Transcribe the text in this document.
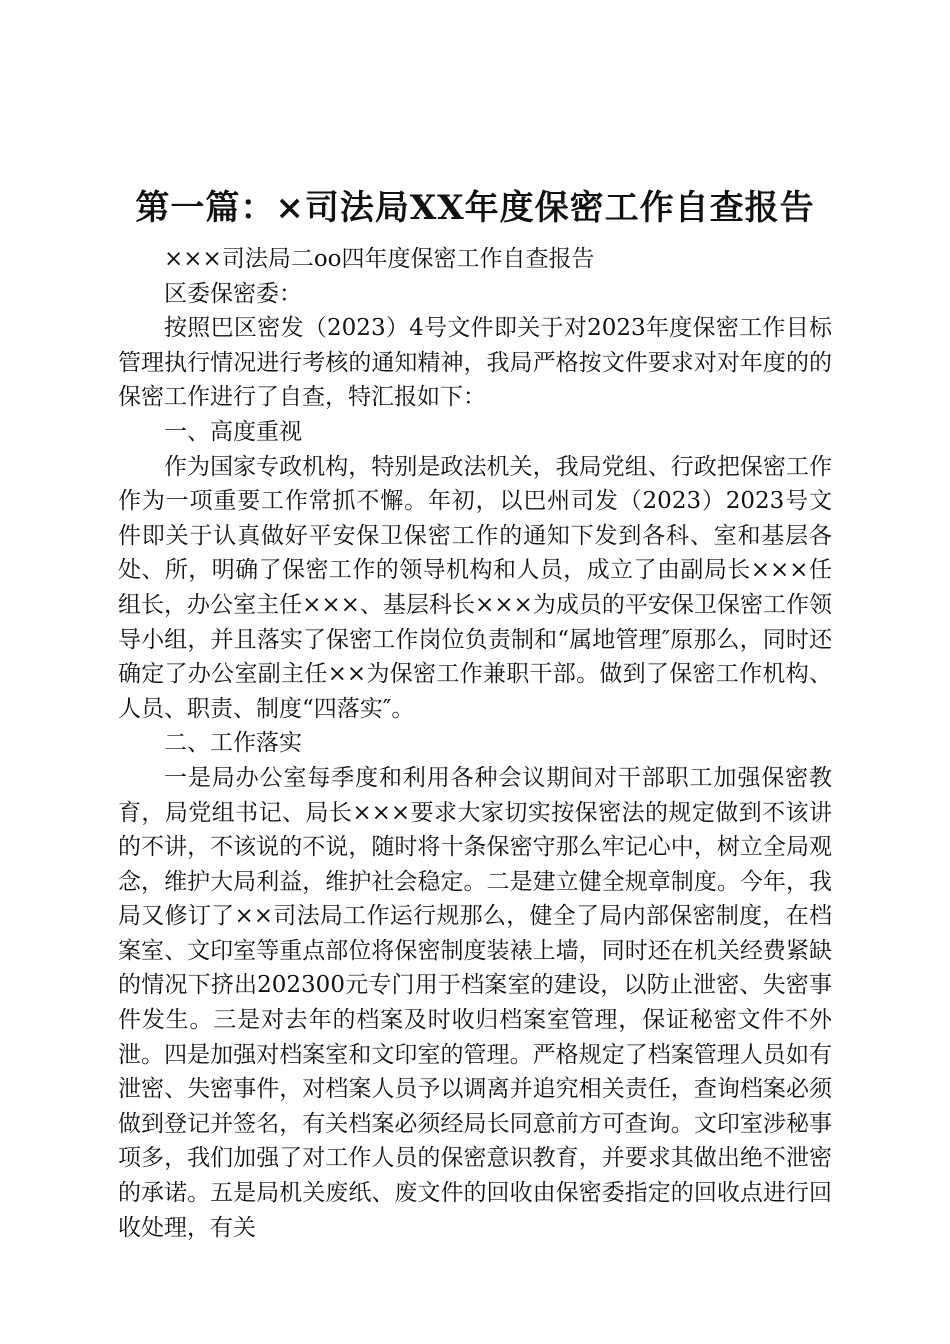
第一篇：×司法局XX年度保密工作自查报告

×××司法局二oo四年度保密工作自查报告

区委保密委：

按照巴区密发（2023）4号文件即关于对2023年度保密工作目标管理执行情况进行考核的通知精神，我局严格按文件要求对对年度的的保密工作进行了自查，特汇报如下：

一、高度重视

作为国家专政机构，特别是政法机关，我局党组、行政把保密工作作为一项重要工作常抓不懈。年初，以巴州司发（2023）2023号文件即关于认真做好平安保卫保密工作的通知下发到各科、室和基层各处、所，明确了保密工作的领导机构和人员，成立了由副局长×××任组长，办公室主任×××、基层科长×××为成员的平安保卫保密工作领导小组，并且落实了保密工作岗位负责制和“属地管理″原那么，同时还确定了办公室副主任××为保密工作兼职干部。做到了保密工作机构、人员、职责、制度“四落实″。

二、工作落实

一是局办公室每季度和利用各种会议期间对干部职工加强保密教育，局党组书记、局长×××要求大家切实按保密法的规定做到不该讲的不讲，不该说的不说，随时将十条保密守那么牢记心中，树立全局观念，维护大局利益，维护社会稳定。二是建立健全规章制度。今年，我局又修订了××司法局工作运行规那么，健全了局内部保密制度，在档案室、文印室等重点部位将保密制度装裱上墙，同时还在机关经费紧缺的情况下挤出202300元专门用于档案室的建设，以防止泄密、失密事件发生。三是对去年的档案及时收归档案室管理，保证秘密文件不外泄。四是加强对档案室和文印室的管理。严格规定了档案管理人员如有泄密、失密事件，对档案人员予以调离并追究相关责任，查询档案必须做到登记并签名，有关档案必须经局长同意前方可查询。文印室涉秘事项多，我们加强了对工作人员的保密意识教育，并要求其做出绝不泄密的承诺。五是局机关废纸、废文件的回收由保密委指定的回收点进行回收处理，有关
